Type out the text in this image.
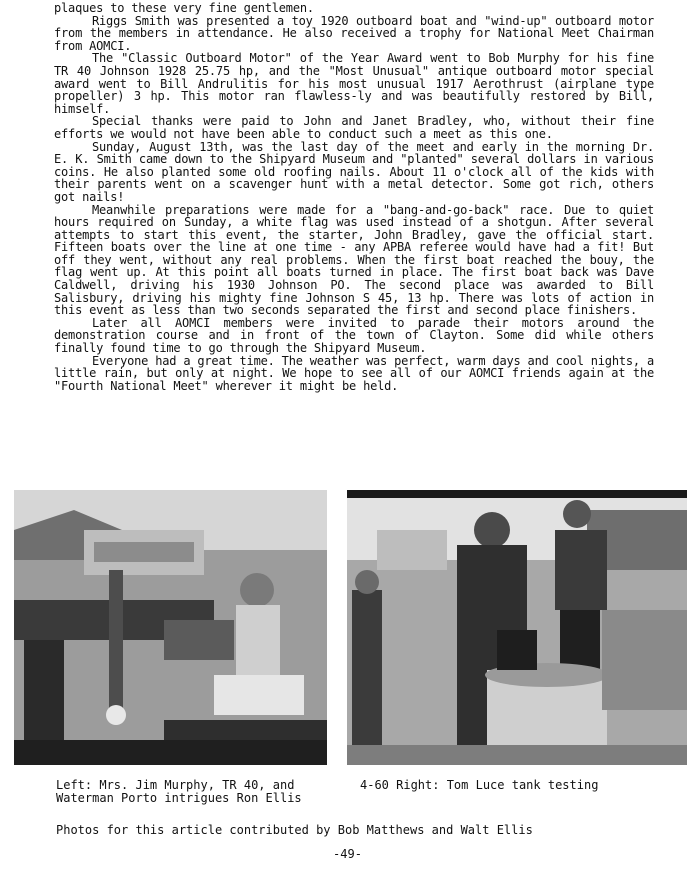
plaques to these very fine gentlemen.

Riggs Smith was presented a toy 1920 outboard boat and "wind-up" outboard motor from the members in attendance. He also received a trophy for National Meet Chairman from AOMCI.

The "Classic Outboard Motor" of the Year Award went to Bob Murphy for his fine TR 40 Johnson 1928 25.75 hp, and the "Most Unusual" antique outboard motor special award went to Bill Andrulitis for his most unusual 1917 Aerothrust (airplane type propeller) 3 hp. This motor ran flawless-ly and was beautifully restored by Bill, himself.

Special thanks were paid to John and Janet Bradley, who, without their fine efforts we would not have been able to conduct such a meet as this one.

Sunday, August 13th, was the last day of the meet and early in the morning Dr. E. K. Smith came down to the Shipyard Museum and "planted" several dollars in various coins. He also planted some old roofing nails. About 11 o'clock all of the kids with their parents went on a scavenger hunt with a metal detector. Some got rich, others got nails!

Meanwhile preparations were made for a "bang-and-go-back" race. Due to quiet hours required on Sunday, a white flag was used instead of a shotgun. After several attempts to start this event, the starter, John Bradley, gave the official start. Fifteen boats over the line at one time - any APBA referee would have had a fit! But off they went, without any real problems. When the first boat reached the bouy, the flag went up. At this point all boats turned in place. The first boat back was Dave Caldwell, driving his 1930 Johnson PO. The second place was awarded to Bill Salisbury, driving his mighty fine Johnson S 45, 13 hp. There was lots of action in this event as less than two seconds separated the first and second place finishers.

Later all AOMCI members were invited to parade their motors around the demonstration course and in front of the town of Clayton. Some did while others finally found time to go through the Shipyard Museum.

Everyone had a great time. The weather was perfect, warm days and cool nights, a little rain, but only at night. We hope to see all of our AOMCI friends again at the "Fourth National Meet" wherever it might be held.

Left: Mrs. Jim Murphy, TR 40, and Waterman Porto intrigues Ron Ellis
4-60 Right: Tom Luce tank testing
Photos for this article contributed by Bob Matthews and Walt Ellis
-49-
